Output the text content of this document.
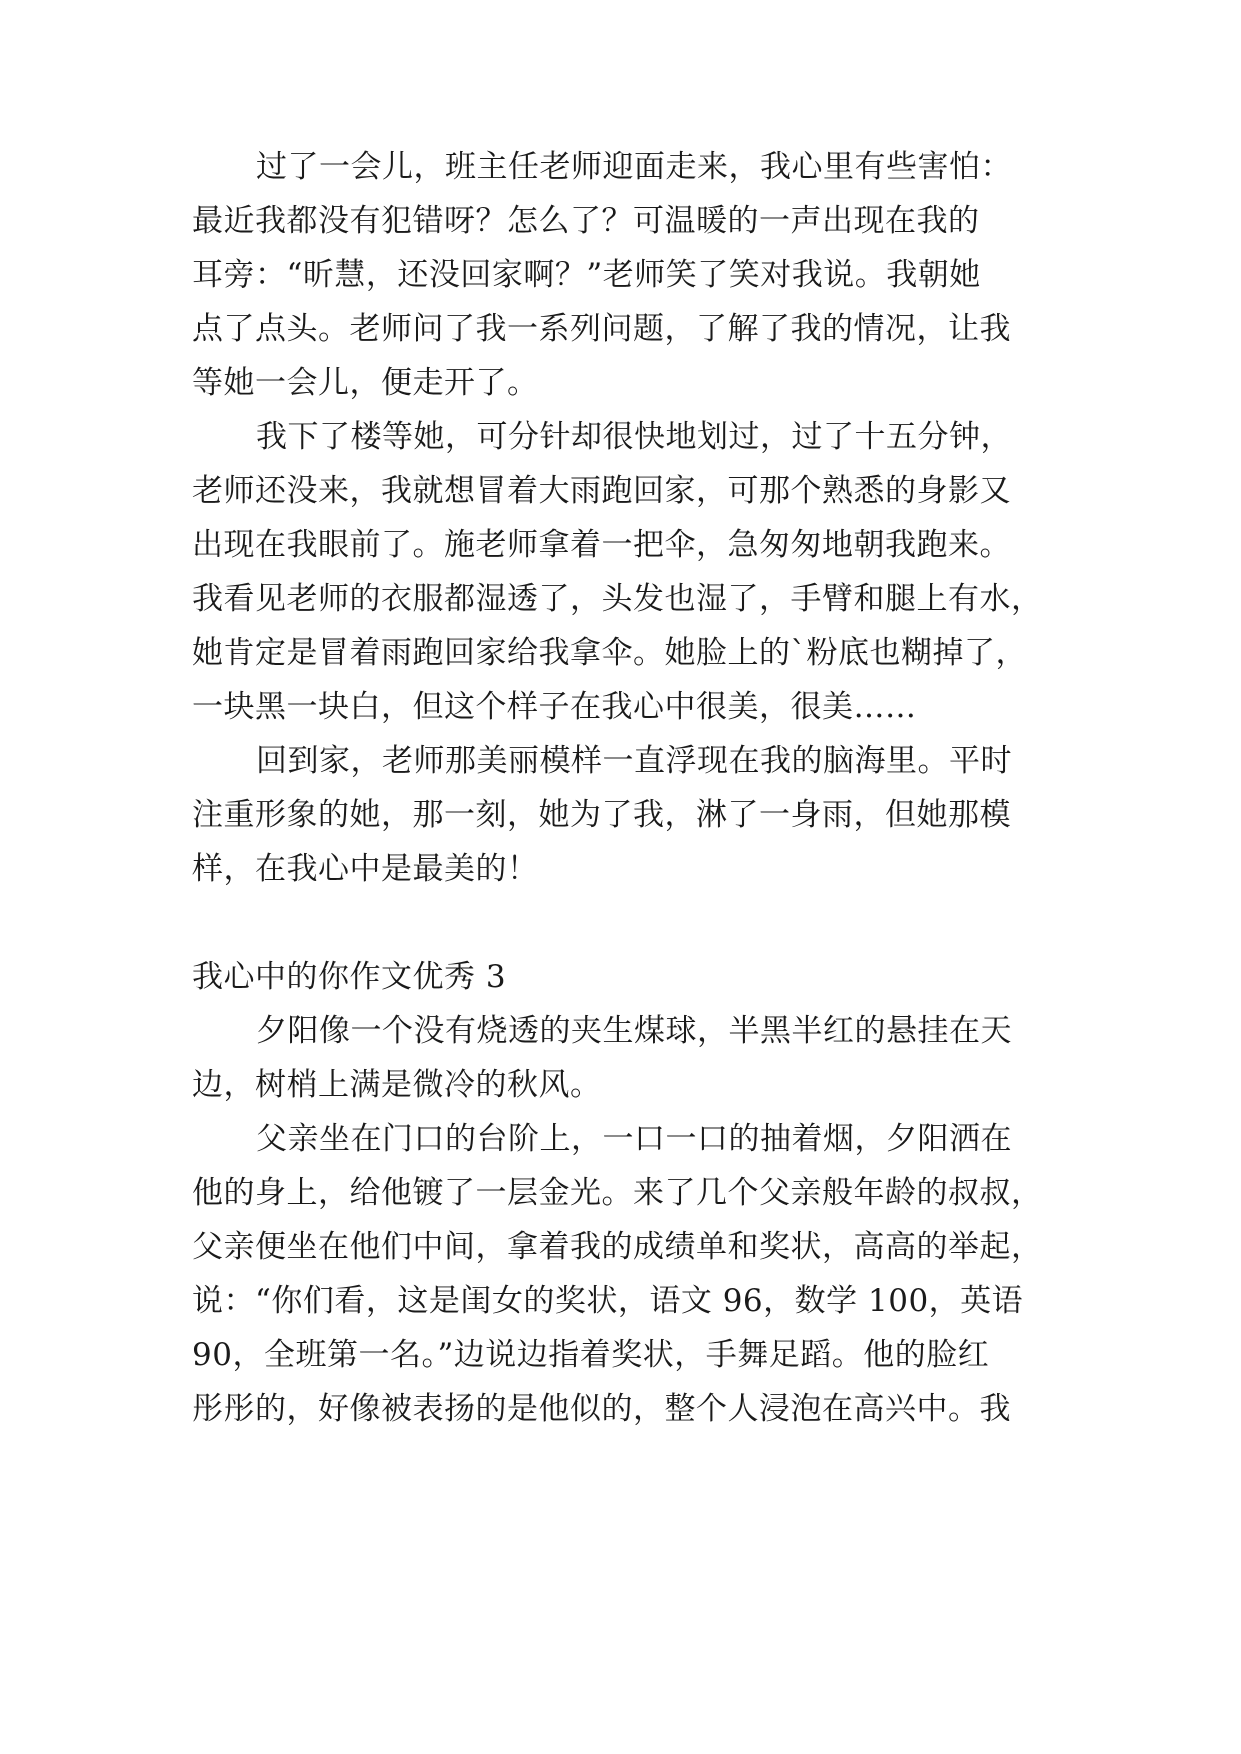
过了一会儿，班主任老师迎面走来，我心里有些害怕：
最近我都没有犯错呀？怎么了？可温暖的一声出现在我的
耳旁：“昕慧，还没回家啊？”老师笑了笑对我说。我朝她
点了点头。老师问了我一系列问题，了解了我的情况，让我
等她一会儿，便走开了。
我下了楼等她，可分针却很快地划过，过了十五分钟，
老师还没来，我就想冒着大雨跑回家，可那个熟悉的身影又
出现在我眼前了。施老师拿着一把伞，急匆匆地朝我跑来。
我看见老师的衣服都湿透了，头发也湿了，手臂和腿上有水，
她肯定是冒着雨跑回家给我拿伞。她脸上的`粉底也糊掉了，
一块黑一块白，但这个样子在我心中很美，很美……
回到家，老师那美丽模样一直浮现在我的脑海里。平时
注重形象的她，那一刻，她为了我，淋了一身雨，但她那模
样，在我心中是最美的！
我心中的你作文优秀 3
夕阳像一个没有烧透的夹生煤球，半黑半红的悬挂在天
边，树梢上满是微冷的秋风。
父亲坐在门口的台阶上，一口一口的抽着烟，夕阳洒在
他的身上，给他镀了一层金光。来了几个父亲般年龄的叔叔，
父亲便坐在他们中间，拿着我的成绩单和奖状，高高的举起，
说：“你们看，这是闺女的奖状，语文 96，数学 100，英语
90，全班第一名。”边说边指着奖状，手舞足蹈。他的脸红
彤彤的，好像被表扬的是他似的，整个人浸泡在高兴中。我
